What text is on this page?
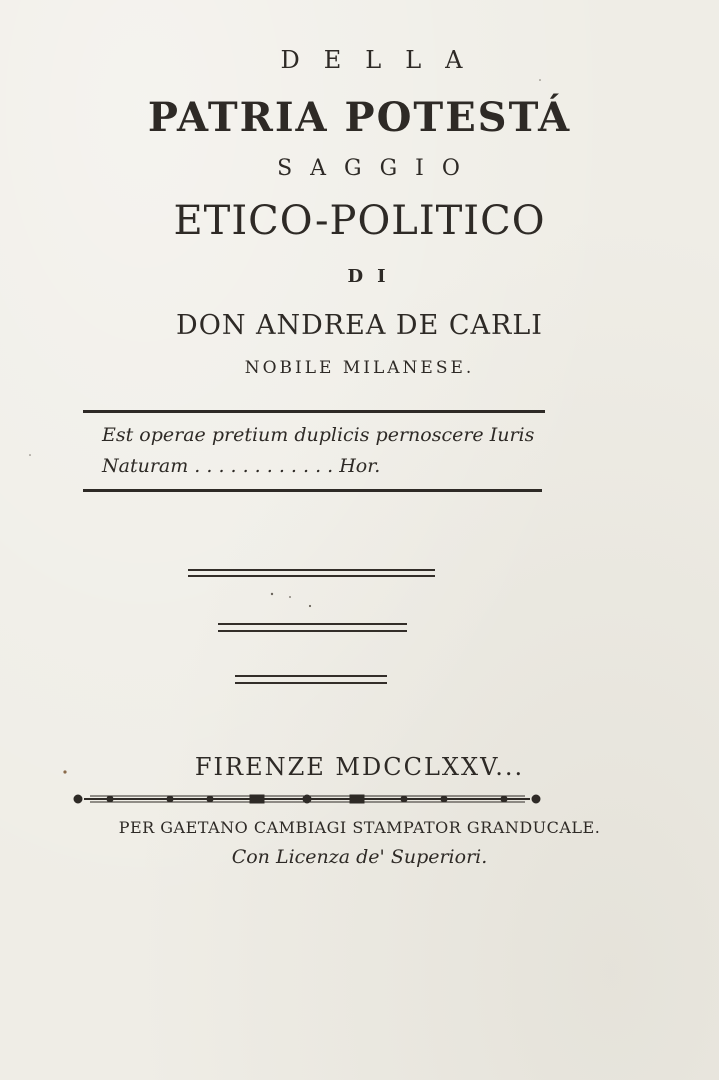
DELLA
PATRIA POTESTÁ
SAGGIO
ETICO-POLITICO
DI
DON ANDREA DE CARLI
NOBILE MILANESE.
Est operae pretium duplicis pernoscere Iuris
Naturam . . . . . . . . . . . . Hor.
FIRENZE MDCCLXXV...
PER GAETANO CAMBIAGI STAMPATOR GRANDUCALE.
Con Licenza de' Superiori.
